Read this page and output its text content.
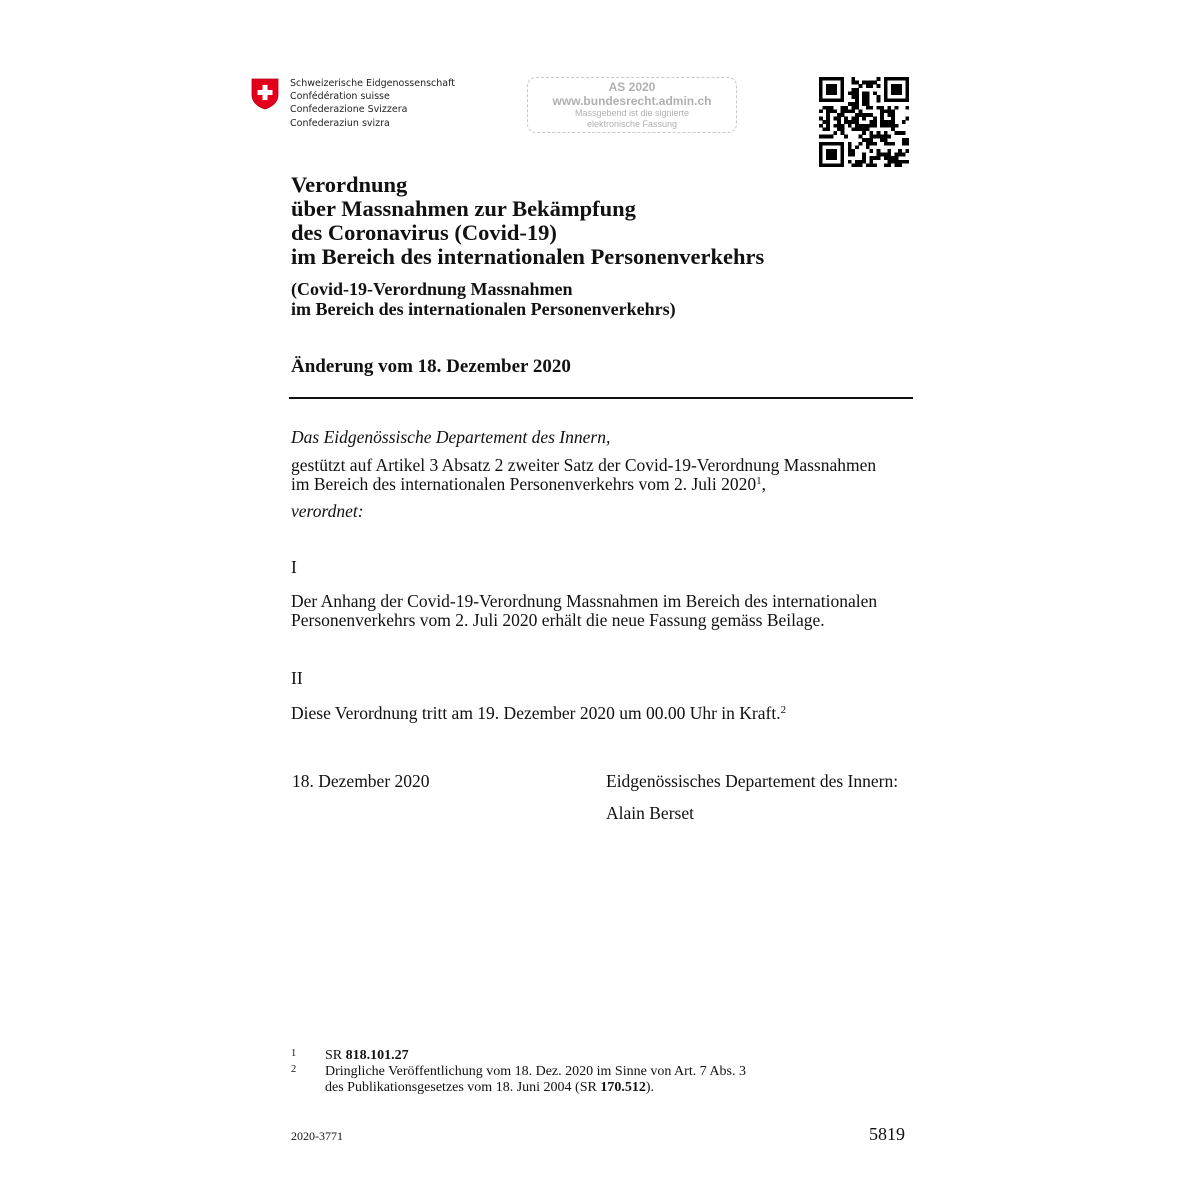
Schweizerische Eidgenossenschaft
Confédération suisse
Confederazione Svizzera
Confederaziun svizra
AS 2020
www.bundesrecht.admin.ch
Massgebend ist die signierte
elektronische Fassung
Verordnung
über Massnahmen zur Bekämpfung
des Coronavirus (Covid-19)
im Bereich des internationalen Personenverkehrs
(Covid-19-Verordnung Massnahmen
im Bereich des internationalen Personenverkehrs)
Änderung vom 18. Dezember 2020
Das Eidgenössische Departement des Innern,
gestützt auf Artikel 3 Absatz 2 zweiter Satz der Covid-19-Verordnung Massnahmen
im Bereich des internationalen Personenverkehrs vom 2. Juli 2020$^1$,
verordnet:
I
Der Anhang der Covid-19-Verordnung Massnahmen im Bereich des internationalen
Personenverkehrs vom 2. Juli 2020 erhält die neue Fassung gemäss Beilage.
II
Diese Verordnung tritt am 19. Dezember 2020 um 00.00 Uhr in Kraft.$^2$
18. Dezember 2020	Eidgenössisches Departement des Innern:
Alain Berset
1 SR 818.101.27
2 Dringliche Veröffentlichung vom 18. Dez. 2020 im Sinne von Art. 7 Abs. 3
des Publikationsgesetzes vom 18. Juni 2004 (SR 170.512).
2020-3771	5819
